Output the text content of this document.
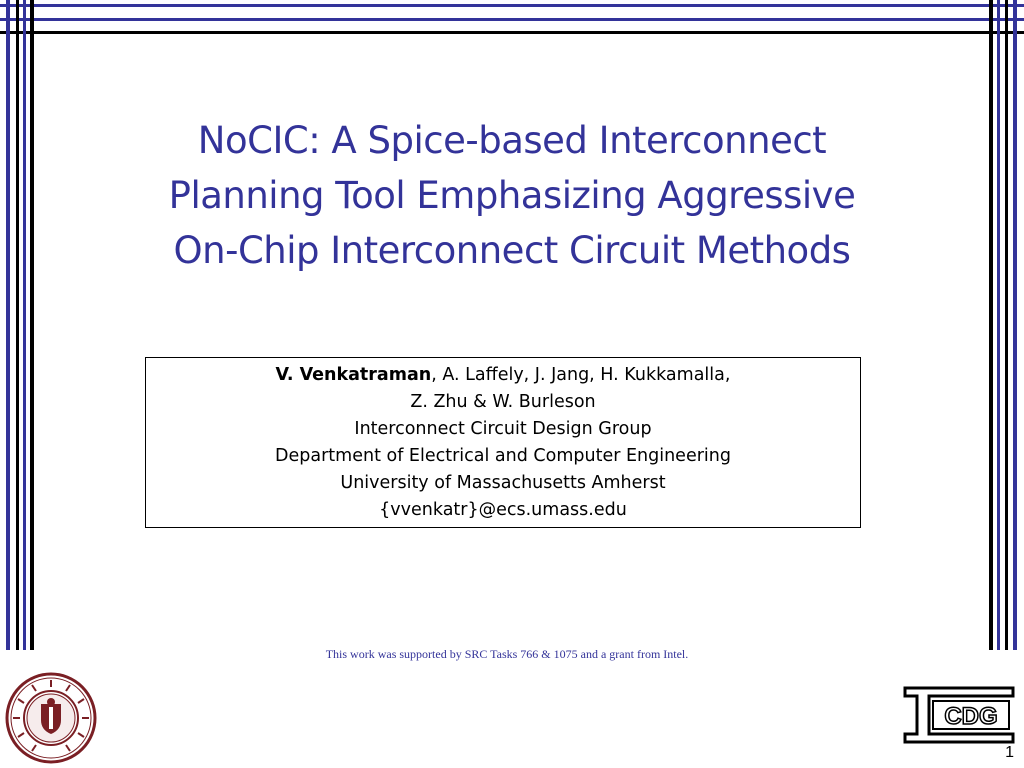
NoCIC: A Spice-based Interconnect
Planning Tool Emphasizing Aggressive
On-Chip Interconnect Circuit Methods
V. Venkatraman, A. Laffely, J. Jang, H. Kukkamalla,
Z. Zhu & W. Burleson
Interconnect Circuit Design Group
Department of Electrical and Computer Engineering
University of Massachusetts Amherst
{vvenkatr}@ecs.umass.edu
This work was supported by SRC Tasks 766 & 1075 and a grant from Intel.
CDG
1
